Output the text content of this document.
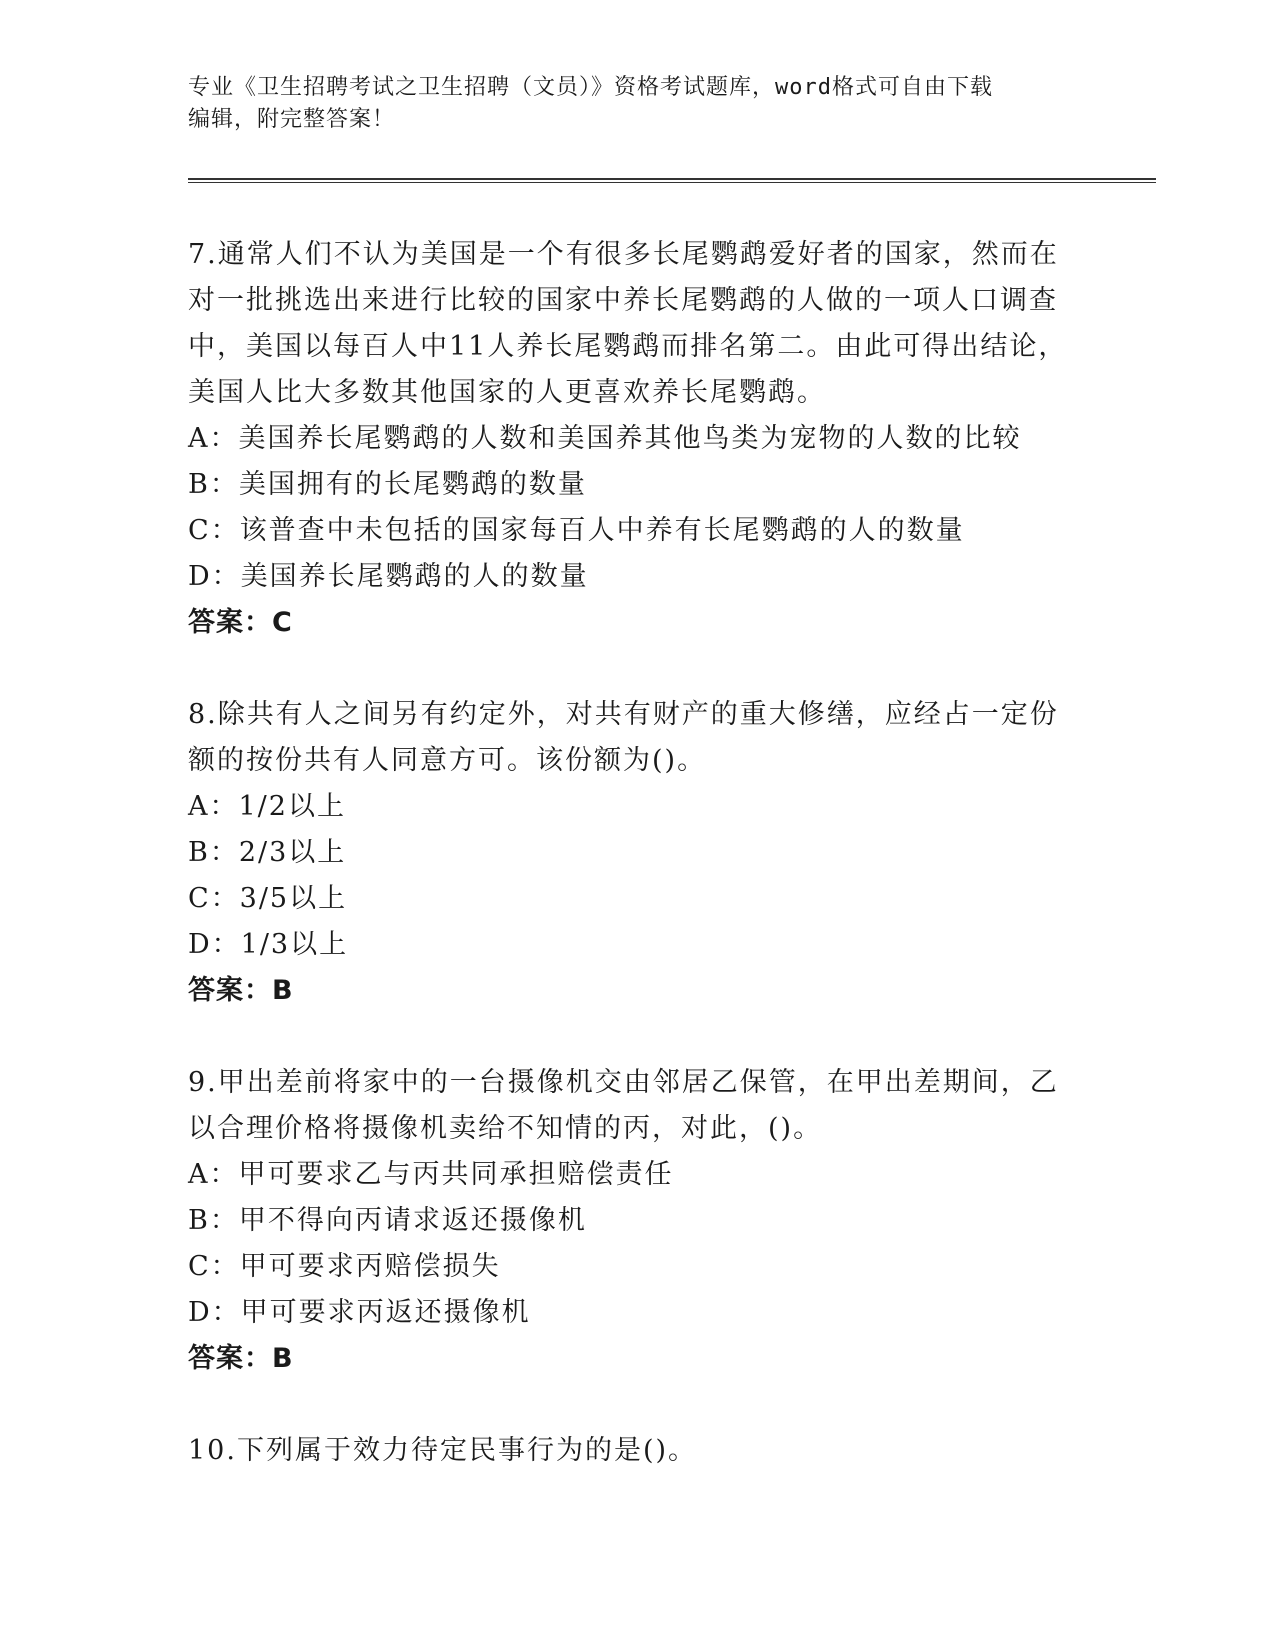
专业《卫生招聘考试之卫生招聘（文员）》资格考试题库，word格式可自由下载

编辑，附完整答案！

7.通常人们不认为美国是一个有很多长尾鹦鹉爱好者的国家，然而在

对一批挑选出来进行比较的国家中养长尾鹦鹉的人做的一项人口调查

中，美国以每百人中11人养长尾鹦鹉而排名第二。由此可得出结论，

美国人比大多数其他国家的人更喜欢养长尾鹦鹉。

A：美国养长尾鹦鹉的人数和美国养其他鸟类为宠物的人数的比较

B：美国拥有的长尾鹦鹉的数量

C：该普查中未包括的国家每百人中养有长尾鹦鹉的人的数量

D：美国养长尾鹦鹉的人的数量

答案：C

8.除共有人之间另有约定外，对共有财产的重大修缮，应经占一定份

额的按份共有人同意方可。该份额为()。

A：1/2以上

B：2/3以上

C：3/5以上

D：1/3以上

答案：B

9.甲出差前将家中的一台摄像机交由邻居乙保管，在甲出差期间，乙

以合理价格将摄像机卖给不知情的丙，对此，()。

A：甲可要求乙与丙共同承担赔偿责任

B：甲不得向丙请求返还摄像机

C：甲可要求丙赔偿损失

D：甲可要求丙返还摄像机

答案：B

10.下列属于效力待定民事行为的是()。
